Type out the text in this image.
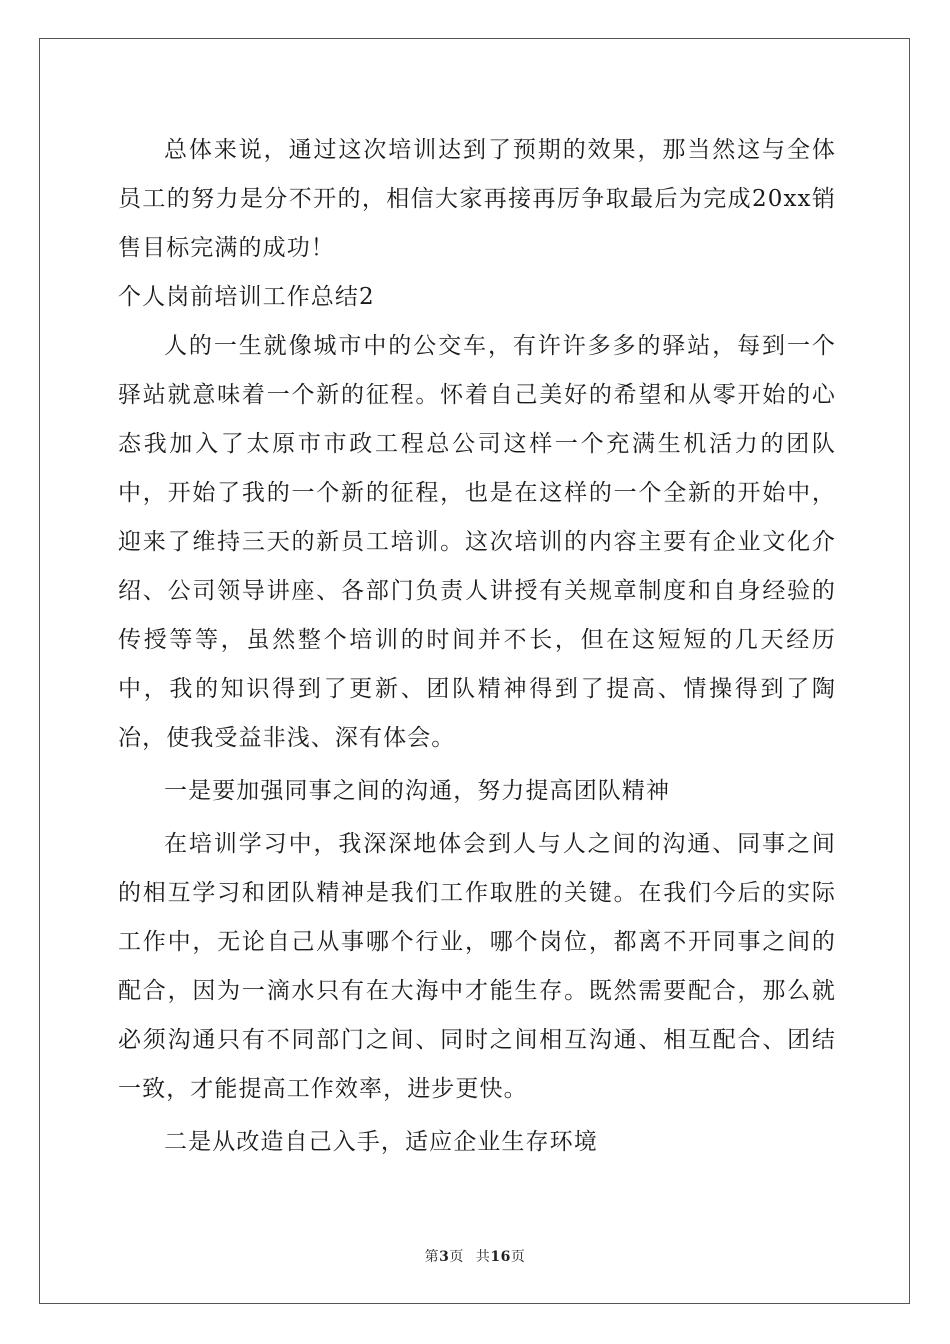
总体来说，通过这次培训达到了预期的效果，那当然这与全体员工的努力是分不开的，相信大家再接再厉争取最后为完成20xx销售目标完满的成功！

个人岗前培训工作总结2

人的一生就像城市中的公交车，有许许多多的驿站，每到一个驿站就意味着一个新的征程。怀着自己美好的希望和从零开始的心态我加入了太原市市政工程总公司这样一个充满生机活力的团队中，开始了我的一个新的征程，也是在这样的一个全新的开始中，迎来了维持三天的新员工培训。这次培训的内容主要有企业文化介绍、公司领导讲座、各部门负责人讲授有关规章制度和自身经验的传授等等，虽然整个培训的时间并不长，但在这短短的几天经历中，我的知识得到了更新、团队精神得到了提高、情操得到了陶冶，使我受益非浅、深有体会。

一是要加强同事之间的沟通，努力提高团队精神

在培训学习中，我深深地体会到人与人之间的沟通、同事之间的相互学习和团队精神是我们工作取胜的关键。在我们今后的实际工作中，无论自己从事哪个行业，哪个岗位，都离不开同事之间的配合，因为一滴水只有在大海中才能生存。既然需要配合，那么就必须沟通只有不同部门之间、同时之间相互沟通、相互配合、团结一致，才能提高工作效率，进步更快。

二是从改造自己入手，适应企业生存环境

第3页 共16页
